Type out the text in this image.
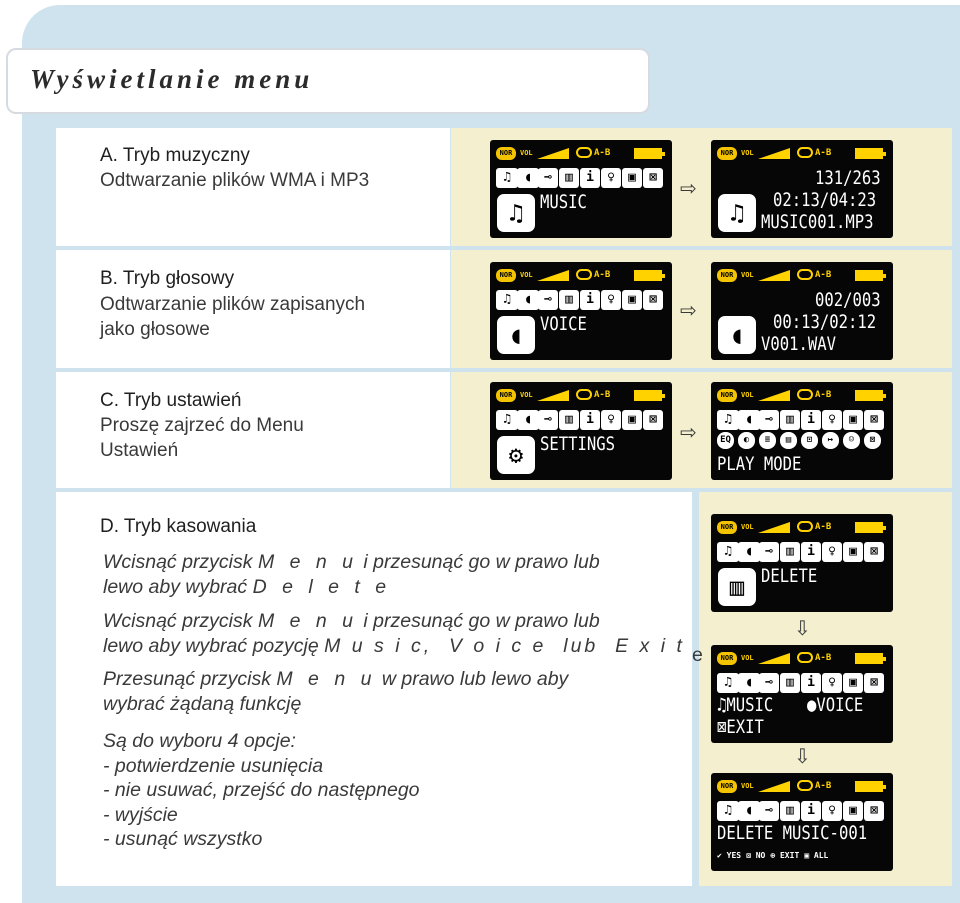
Wyświetlanie menu
A. Tryb muzyczny
Odtwarzanie plików WMA i MP3
B. Tryb głosowy
Odtwarzanie plików zapisanych
jako głosowe
C. Tryb ustawień
Proszę zajrzeć do Menu
Ustawień
D. Tryb kasowania
Wcisnąć przycisk M e n u i przesunąć go w prawo lub
lewo aby wybrać D e l e t e
Wcisnąć przycisk M e n u i przesunąć go w prawo lub
lewo aby wybrać pozycję M u s i c,  V o i c e  lub  E x i t
Przesunąć przycisk M e n u w prawo lub lewo aby
wybrać żądaną funkcję
Są do wyboru 4 opcje:
- potwierdzenie usunięcia
- nie usuwać, przejść do następnego
- wyjście
- usunąć wszystko
e
⇨
⇨
⇨
⇩
⇩
NOR	VOL	A-B
♫	◖ ⊸	▥	i	♀	▣	⊠
♫ MUSIC
NOR	VOL	A-B
♫
131/263
02:13/04:23
MUSIC001.MP3
NOR	VOL	A-B
♫	◖ ⊸	▥	i	♀	▣	⊠
◖ VOICE
NOR	VOL	A-B
◖
002/003
00:13/02:12
V001.WAV
NOR	VOL	A-B
♫	◖ ⊸	▥	i	♀	▣	⊠
⚙ SETTINGS
NOR	VOL	A-B
♫	◖ ⊸	▥	i	♀	▣	⊠
EQ	◐	≡	▤	⊡	↦	☺	⊠
PLAY MODE
NOR	VOL	A-B
♫	◖ ⊸	▥	i	♀	▣	⊠
▥ DELETE
NOR	VOL	A-B
♫	◖ ⊸	▥	i	♀	▣	⊠
♫MUSIC ●VOICE
⊠EXIT
NOR	VOL	A-B
♫	◖ ⊸	▥	i	♀	▣	⊠
DELETE MUSIC-001
✔ YES ⊠ NO ⊕ EXIT ▣ ALL
